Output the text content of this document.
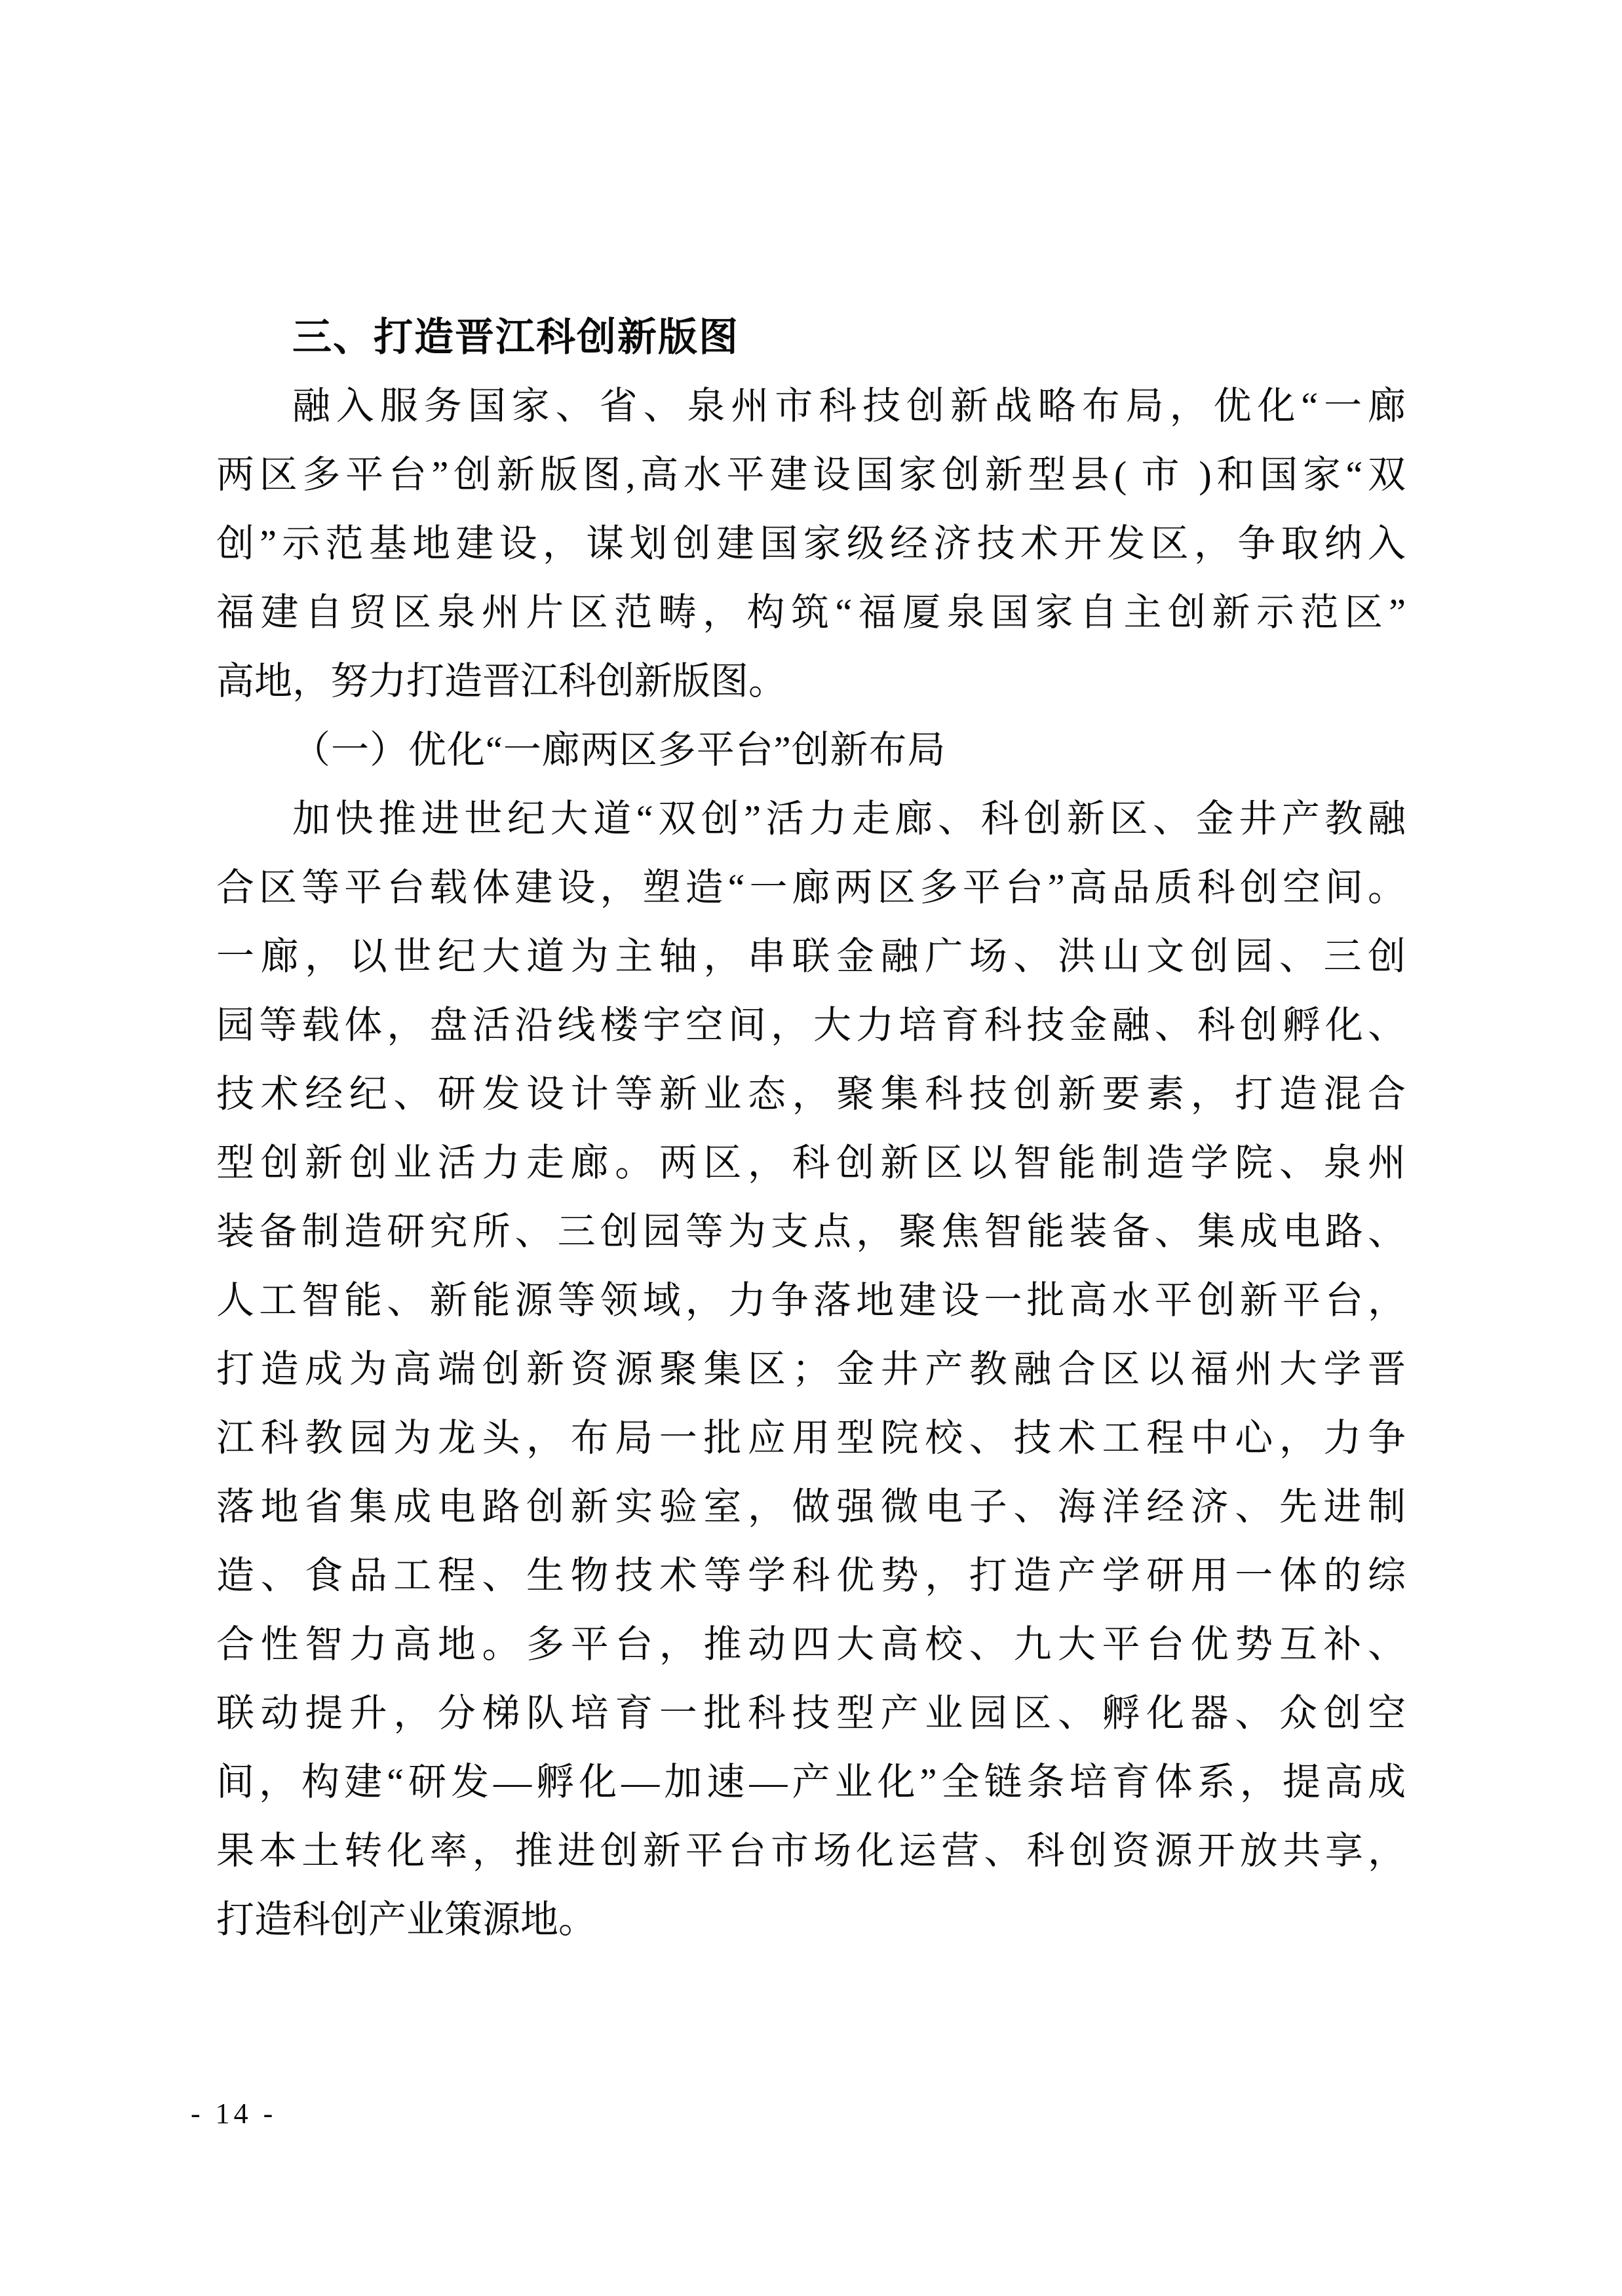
三、打造晋江科创新版图
融入服务国家、省、泉州市科技创新战略布局，优化“一廊
两区多平台”创新版图,高水平建设国家创新型县( 市 )和国家“双
创”示范基地建设，谋划创建国家级经济技术开发区，争取纳入
福建自贸区泉州片区范畴，构筑“福厦泉国家自主创新示范区”
高地，努力打造晋江科创新版图。
（一）优化“一廊两区多平台”创新布局
加快推进世纪大道“双创”活力走廊、科创新区、金井产教融
合区等平台载体建设，塑造“一廊两区多平台”高品质科创空间。
一廊，以世纪大道为主轴，串联金融广场、洪山文创园、三创
园等载体，盘活沿线楼宇空间，大力培育科技金融、科创孵化、
技术经纪、研发设计等新业态，聚集科技创新要素，打造混合
型创新创业活力走廊。两区，科创新区以智能制造学院、泉州
装备制造研究所、三创园等为支点，聚焦智能装备、集成电路、
人工智能、新能源等领域，力争落地建设一批高水平创新平台，
打造成为高端创新资源聚集区；金井产教融合区以福州大学晋
江科教园为龙头，布局一批应用型院校、技术工程中心，力争
落地省集成电路创新实验室，做强微电子、海洋经济、先进制
造、食品工程、生物技术等学科优势，打造产学研用一体的综
合性智力高地。多平台，推动四大高校、九大平台优势互补、
联动提升，分梯队培育一批科技型产业园区、孵化器、众创空
间，构建“研发—孵化—加速—产业化”全链条培育体系，提高成
果本土转化率，推进创新平台市场化运营、科创资源开放共享，
打造科创产业策源地。
- 14 -
